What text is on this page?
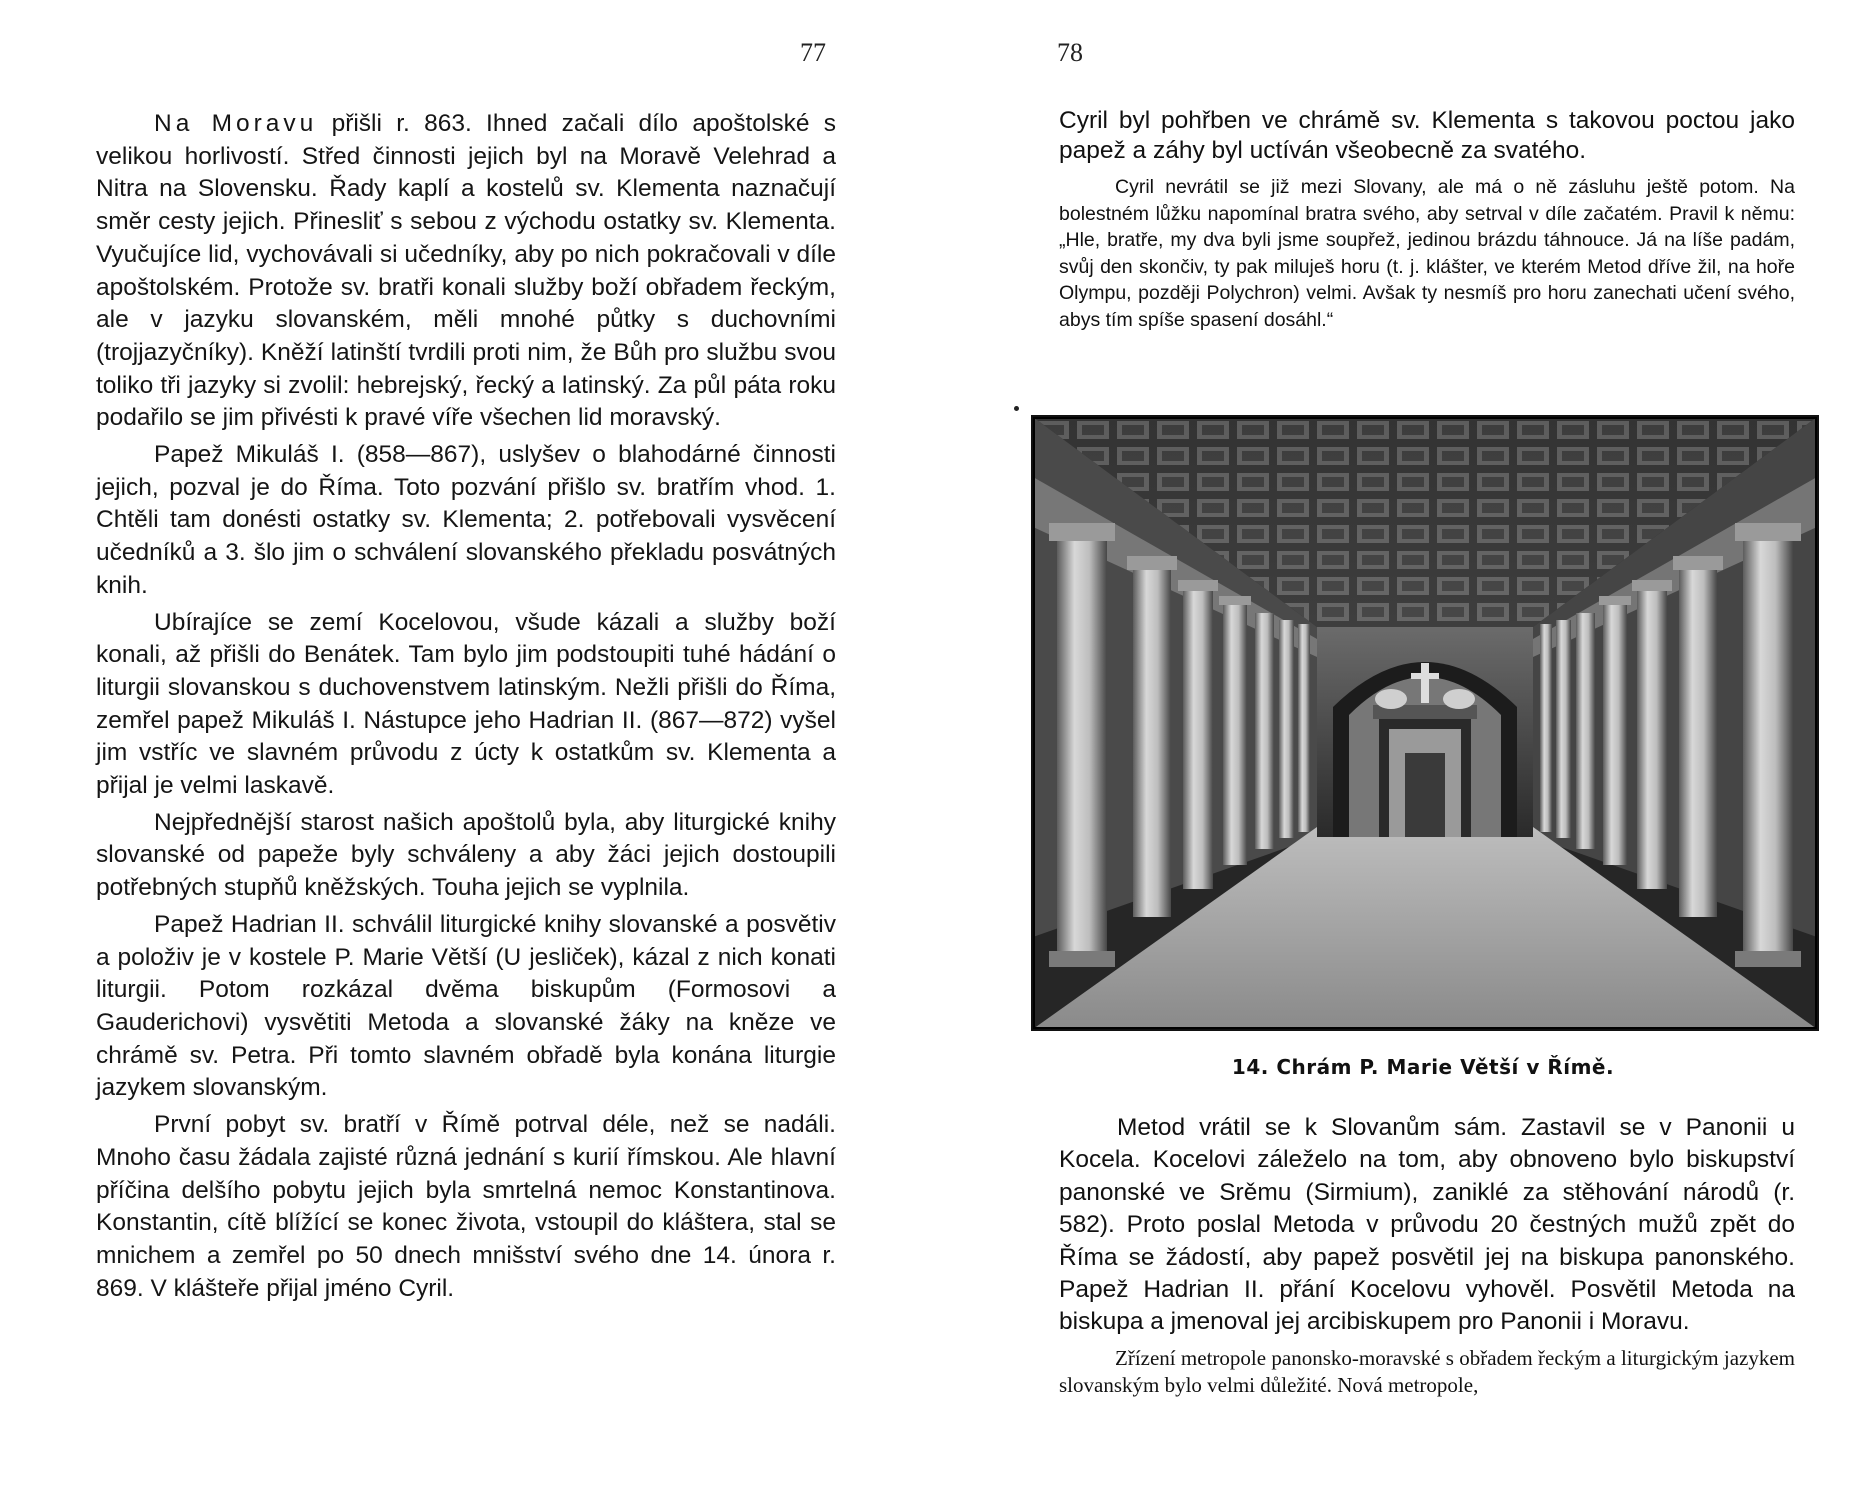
77

Na Moravu přišli r. 863. Ihned začali dílo apoštolské s velikou horlivostí. Střed činnosti jejich byl na Moravě Velehrad a Nitra na Slovensku. Řady kaplí a kostelů sv. Klementa naznačují směr cesty jejich. Přinesliť s sebou z východu ostatky sv. Klementa. Vyučujíce lid, vychovávali si učedníky, aby po nich pokračovali v díle apoštolském. Protože sv. bratři konali služby boží obřadem řeckým, ale v jazyku slovanském, měli mnohé půtky s duchovními (trojjazyčníky). Kněží latinští tvrdili proti nim, že Bůh pro službu svou toliko tři jazyky si zvolil: hebrejský, řecký a latinský. Za půl páta roku podařilo se jim přivésti k pravé víře všechen lid moravský.

Papež Mikuláš I. (858—867), uslyšev o blahodárné činnosti jejich, pozval je do Říma. Toto pozvání přišlo sv. bratřím vhod. 1. Chtěli tam donésti ostatky sv. Klementa; 2. potřebovali vysvěcení učedníků a 3. šlo jim o schválení slovanského překladu posvátných knih.

Ubírajíce se zemí Kocelovou, všude kázali a služby boží konali, až přišli do Benátek. Tam bylo jim podstoupiti tuhé hádání o liturgii slovanskou s duchovenstvem latinským. Nežli přišli do Říma, zemřel papež Mikuláš I. Nástupce jeho Hadrian II. (867—872) vyšel jim vstříc ve slavném průvodu z úcty k ostatkům sv. Klementa a přijal je velmi laskavě.

Nejpřednější starost našich apoštolů byla, aby liturgické knihy slovanské od papeže byly schváleny a aby žáci jejich dostoupili potřebných stupňů kněžských. Touha jejich se vyplnila.

Papež Hadrian II. schválil liturgické knihy slovanské a posvětiv a položiv je v kostele P. Marie Větší (U jesliček), kázal z nich konati liturgii. Potom rozkázal dvěma biskupům (Formosovi a Gauderichovi) vysvětiti Metoda a slovanské žáky na kněze ve chrámě sv. Petra. Při tomto slavném obřadě byla konána liturgie jazykem slovanským.

První pobyt sv. bratří v Římě potrval déle, než se nadáli. Mnoho času žádala zajisté různá jednání s kurií římskou. Ale hlavní příčina delšího pobytu jejich byla smrtelná nemoc Konstantinova. Konstantin, cítě blížící se konec života, vstoupil do kláštera, stal se mnichem a zemřel po 50 dnech mnišství svého dne 14. února r. 869. V klášteře přijal jméno Cyril.

78

Cyril byl pohřben ve chrámě sv. Klementa s takovou poctou jako papež a záhy byl uctíván všeobecně za svatého.

Cyril nevrátil se již mezi Slovany, ale má o ně zásluhu ještě potom. Na bolestném lůžku napomínal bratra svého, aby setrval v díle začatém. Pravil k němu: „Hle, bratře, my dva byli jsme soupřež, jedinou brázdu táhnouce. Já na líše padám, svůj den skončiv, ty pak miluješ horu (t. j. klášter, ve kterém Metod dříve žil, na hoře Olympu, později Polychron) velmi. Avšak ty nesmíš pro horu zanechati učení svého, abys tím spíše spasení dosáhl.“

14. Chrám P. Marie Větší v Římě.

Metod vrátil se k Slovanům sám. Zastavil se v Panonii u Kocela. Kocelovi záleželo na tom, aby obnoveno bylo biskupství panonské ve Srěmu (Sirmium), zaniklé za stěhování národů (r. 582). Proto poslal Metoda v průvodu 20 čestných mužů zpět do Říma se žádostí, aby papež posvětil jej na biskupa panonského. Papež Hadrian II. přání Kocelovu vyhověl. Posvětil Metoda na biskupa a jmenoval jej arcibiskupem pro Panonii i Moravu.

Zřízení metropole panonsko-moravské s obřadem řeckým a liturgickým jazykem slovanským bylo velmi důležité. Nová metropole,
